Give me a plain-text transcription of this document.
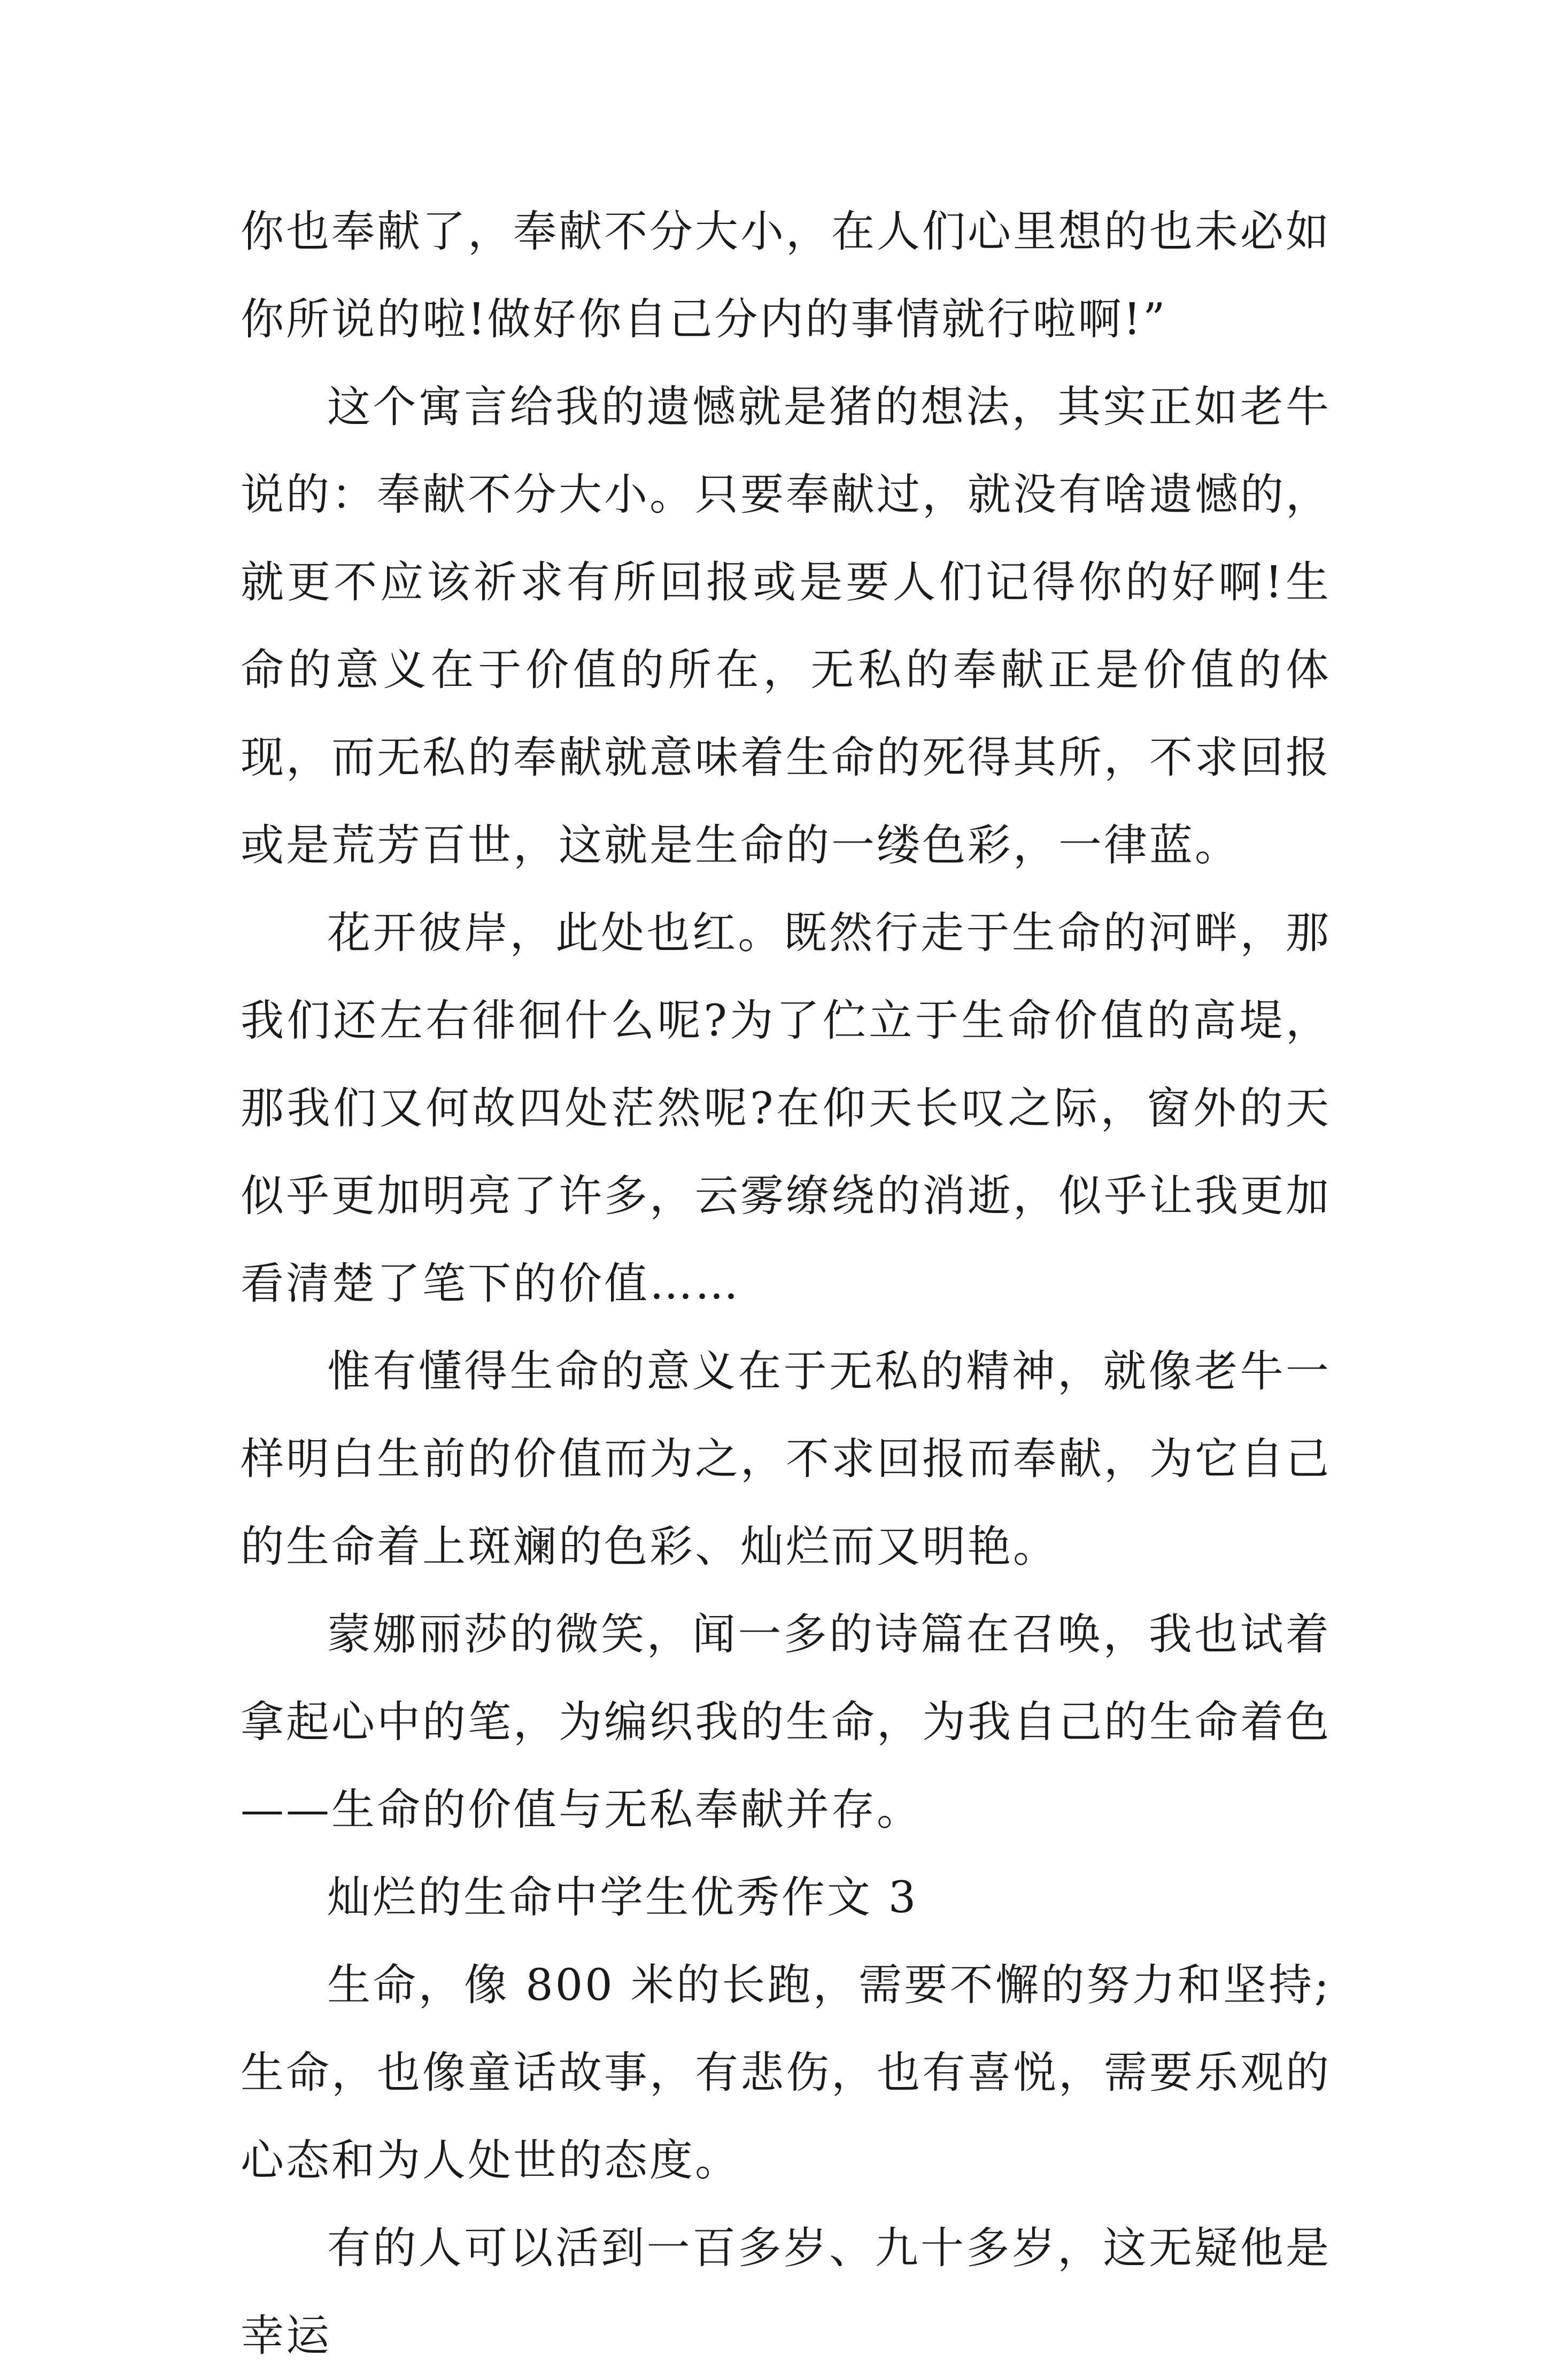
你也奉献了，奉献不分大小，在人们心里想的也未必如你所说的啦!做好你自己分内的事情就行啦啊!”

这个寓言给我的遗憾就是猪的想法，其实正如老牛说的：奉献不分大小。只要奉献过，就没有啥遗憾的，就更不应该祈求有所回报或是要人们记得你的好啊!生命的意义在于价值的所在，无私的奉献正是价值的体现，而无私的奉献就意味着生命的死得其所，不求回报或是荒芳百世，这就是生命的一缕色彩，一律蓝。

花开彼岸，此处也红。既然行走于生命的河畔，那我们还左右徘徊什么呢?为了伫立于生命价值的高堤，那我们又何故四处茫然呢?在仰天长叹之际，窗外的天似乎更加明亮了许多，云雾缭绕的消逝，似乎让我更加看清楚了笔下的价值……

惟有懂得生命的意义在于无私的精神，就像老牛一样明白生前的价值而为之，不求回报而奉献，为它自己的生命着上斑斓的色彩、灿烂而又明艳。

蒙娜丽莎的微笑，闻一多的诗篇在召唤，我也试着拿起心中的笔，为编织我的生命，为我自己的生命着色——生命的价值与无私奉献并存。

灿烂的生命中学生优秀作文 3

生命，像 800 米的长跑，需要不懈的努力和坚持;生命，也像童话故事，有悲伤，也有喜悦，需要乐观的心态和为人处世的态度。

有的人可以活到一百多岁、九十多岁，这无疑他是幸运
